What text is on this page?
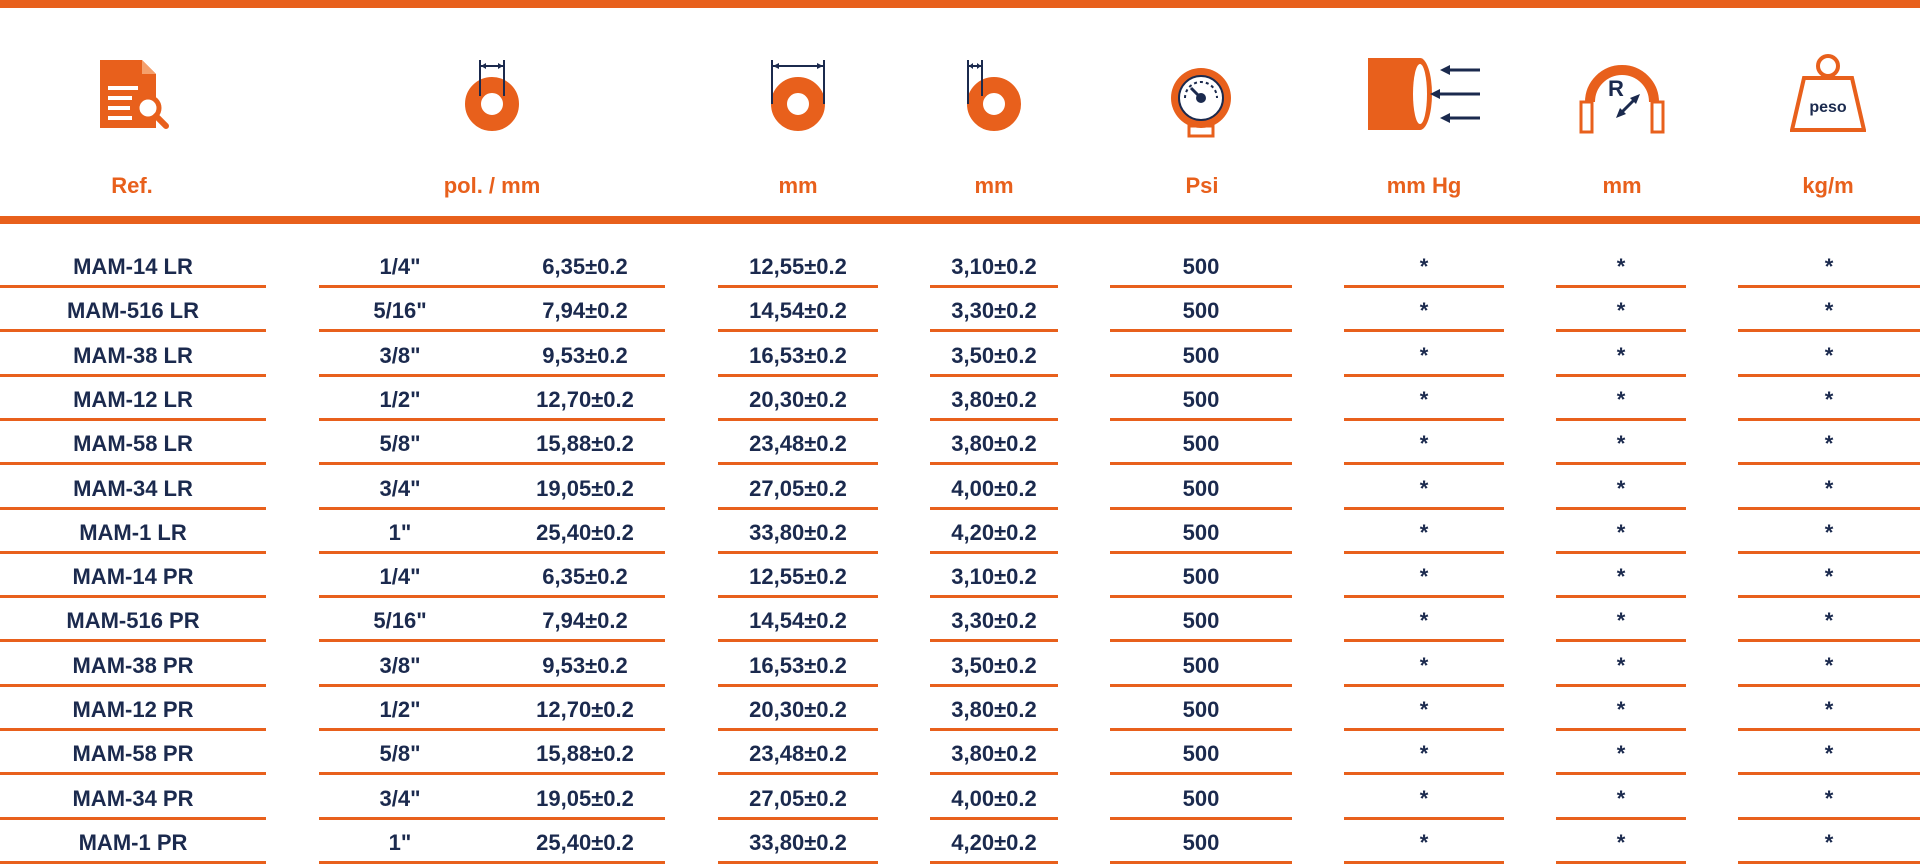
R
peso
Ref.	pol. / mm	mm	mm	Psi	mm Hg	mm	kg/m
MAM-14 LR	1/4"	6,35±0.2	12,55±0.2	3,10±0.2	500	*	*	*
MAM-516 LR	5/16"	7,94±0.2	14,54±0.2	3,30±0.2	500	*	*	*
MAM-38 LR	3/8"	9,53±0.2	16,53±0.2	3,50±0.2	500	*	*	*
MAM-12 LR	1/2"	12,70±0.2	20,30±0.2	3,80±0.2	500	*	*	*
MAM-58 LR	5/8"	15,88±0.2	23,48±0.2	3,80±0.2	500	*	*	*
MAM-34 LR	3/4"	19,05±0.2	27,05±0.2	4,00±0.2	500	*	*	*
MAM-1 LR	1"	25,40±0.2	33,80±0.2	4,20±0.2	500	*	*	*
MAM-14 PR	1/4"	6,35±0.2	12,55±0.2	3,10±0.2	500	*	*	*
MAM-516 PR	5/16"	7,94±0.2	14,54±0.2	3,30±0.2	500	*	*	*
MAM-38 PR	3/8"	9,53±0.2	16,53±0.2	3,50±0.2	500	*	*	*
MAM-12 PR	1/2"	12,70±0.2	20,30±0.2	3,80±0.2	500	*	*	*
MAM-58 PR	5/8"	15,88±0.2	23,48±0.2	3,80±0.2	500	*	*	*
MAM-34 PR	3/4"	19,05±0.2	27,05±0.2	4,00±0.2	500	*	*	*
MAM-1 PR	1"	25,40±0.2	33,80±0.2	4,20±0.2	500	*	*	*
